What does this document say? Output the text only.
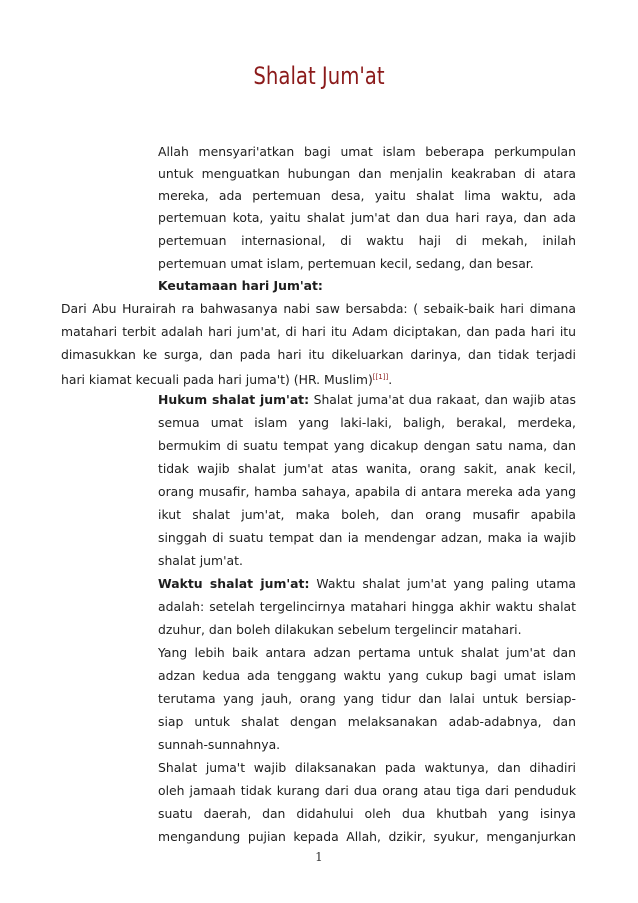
Shalat Jum'at
Allah mensyari'atkan bagi umat islam beberapa perkumpulan
untuk menguatkan hubungan dan menjalin keakraban di atara
mereka, ada pertemuan desa, yaitu shalat lima waktu, ada
pertemuan kota, yaitu shalat jum'at dan dua hari raya, dan ada
pertemuan internasional, di waktu haji di mekah, inilah
pertemuan umat islam, pertemuan kecil, sedang, dan besar.
Keutamaan hari Jum'at:
Dari Abu Hurairah ra bahwasanya nabi saw bersabda: ( sebaik-baik hari dimana
matahari terbit adalah hari jum'at, di hari itu Adam diciptakan, dan pada hari itu
dimasukkan ke surga, dan pada hari itu dikeluarkan darinya, dan tidak terjadi
hari kiamat kecuali pada hari juma't) (HR. Muslim)[[1]].
Hukum shalat jum'at: Shalat juma'at dua rakaat, dan wajib atas
semua umat islam yang laki-laki, baligh, berakal, merdeka,
bermukim di suatu tempat yang dicakup dengan satu nama, dan
tidak wajib shalat jum'at atas wanita, orang sakit, anak kecil,
orang musafir, hamba sahaya, apabila di antara mereka ada yang
ikut shalat jum'at, maka boleh, dan orang musafir apabila
singgah di suatu tempat dan ia mendengar adzan, maka ia wajib
shalat jum'at.
Waktu shalat jum'at: Waktu shalat jum'at yang paling utama
adalah: setelah tergelincirnya matahari hingga akhir waktu shalat
dzuhur, dan boleh dilakukan sebelum tergelincir matahari.
Yang lebih baik antara adzan pertama untuk shalat jum'at dan
adzan kedua ada tenggang waktu yang cukup bagi umat islam
terutama yang jauh, orang yang tidur dan lalai untuk bersiap-
siap untuk shalat dengan melaksanakan adab-adabnya, dan
sunnah-sunnahnya.
Shalat juma't wajib dilaksanakan pada waktunya, dan dihadiri
oleh jamaah tidak kurang dari dua orang atau tiga dari penduduk
suatu daerah, dan didahului oleh dua khutbah yang isinya
mengandung pujian kepada Allah, dzikir, syukur, menganjurkan
1
